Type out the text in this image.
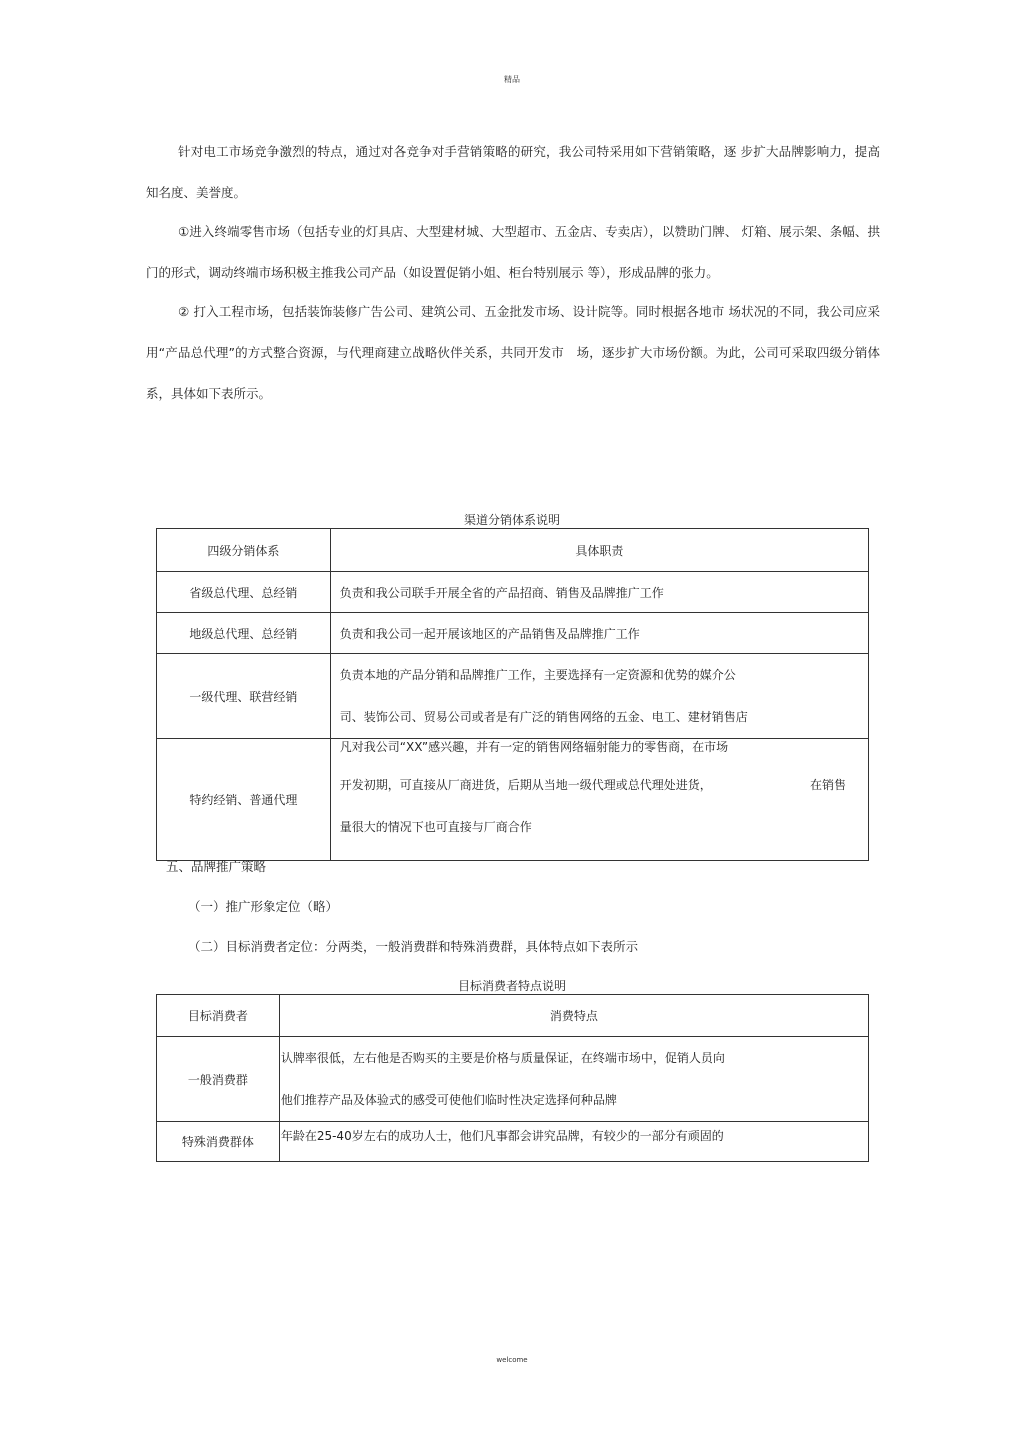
精品

针对电工市场竞争激烈的特点，通过对各竞争对手营销策略的研究，我公司特采用如下营销策略，逐 步扩大品牌影响力，提高知名度、美誉度。

①进入终端零售市场（包括专业的灯具店、大型建材城、大型超市、五金店、专卖店），以赞助门牌、 灯箱、展示架、条幅、拱门的形式，调动终端市场积极主推我公司产品（如设置促销小姐、柜台特别展示 等），形成品牌的张力。

② 打入工程市场，包括装饰装修广告公司、建筑公司、五金批发市场、设计院等。同时根据各地市 场状况的不同，我公司应采用“产品总代理”的方式整合资源，与代理商建立战略伙伴关系，共同开发市　场，逐步扩大市场份额。为此，公司可采取四级分销体系，具体如下表所示。

渠道分销体系说明
四级分销体系	具体职责
省级总代理、总经销	负责和我公司联手开展全省的产品招商、销售及品牌推广工作
地级总代理、总经销	负责和我公司一起开展该地区的产品销售及品牌推广工作
一级代理、联营经销	负责本地的产品分销和品牌推广工作，主要选择有一定资源和优势的媒介公
司、装饰公司、贸易公司或者是有广泛的销售网络的五金、电工、建材销售店

特约经销、普通代理	凡对我公司“XX”感兴趣，并有一定的销售网络辐射能力的零售商，在市场
开发初期，可直接从厂商进货，后期从当地一级代理或总代理处进货， 在销售
量很大的情况下也可直接与厂商合作
五、品牌推广策略
（一）推广形象定位（略）
（二）目标消费者定位：分两类，一般消费群和特殊消费群，具体特点如下表所示
目标消费者特点说明
目标消费者	消费特点
一般消费群	认牌率很低，左右他是否购买的主要是价格与质量保证，在终端市场中，促销人员向
他们推荐产品及体验式的感受可使他们临时性决定选择何种品牌

特殊消费群体	年龄在25-40岁左右的成功人士，他们凡事都会讲究品牌，有较少的一部分有顽固的
welcome
